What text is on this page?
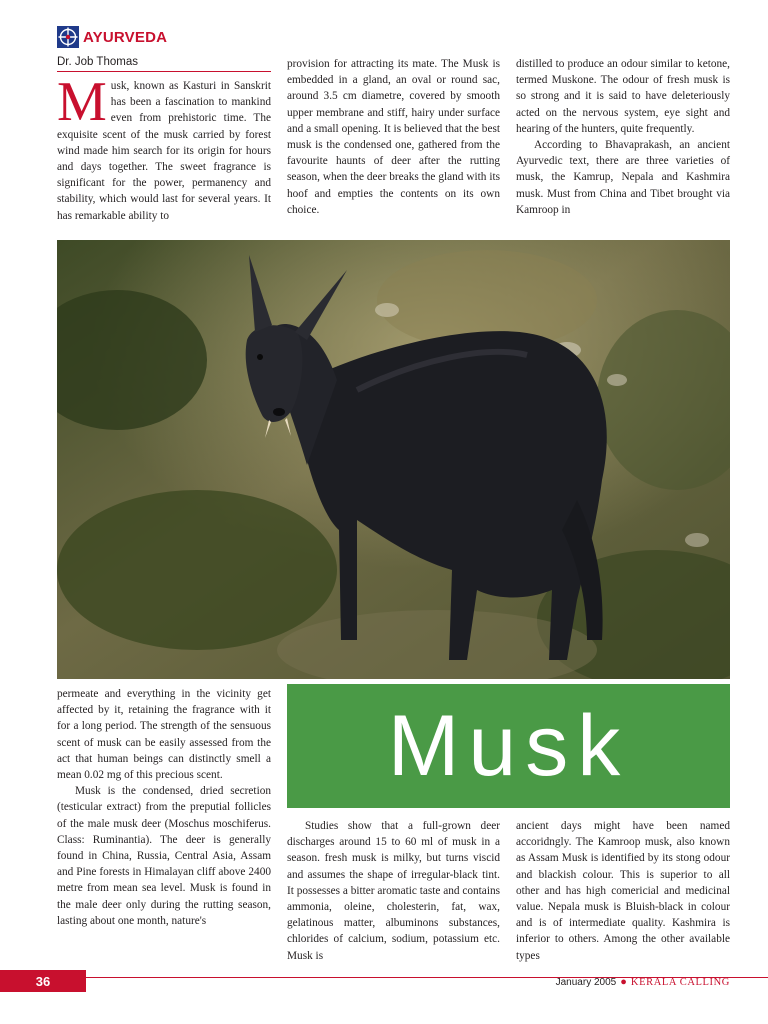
AYURVEDA
Dr. Job Thomas
M usk, known as Kasturi in Sanskrit has been a fascination to mankind even from prehistoric time. The exquisite scent of the musk carried by forest wind made him search for its origin for hours and days together. The sweet fragrance is significant for the power, permanency and stability, which would last for several years. It has remarkable ability to

provision for attracting its mate. The Musk is embedded in a gland, an oval or round sac, around 3.5 cm diametre, covered by smooth upper membrane and stiff, hairy under surface and a small opening. It is believed that the best musk is the condensed one, gathered from the favourite haunts of deer after the rutting season, when the deer breaks the gland with its hoof and empties the contents on its own choice.

distilled to produce an odour similar to ketone, termed Muskone. The odour of fresh musk is so strong and it is said to have deleteriously acted on the nervous system, eye sight and hearing of the hunters, quite frequently.

According to Bhavaprakash, an ancient Ayurvedic text, there are three varieties of musk, the Kamrup, Nepala and Kashmira musk. Must from China and Tibet brought via Kamroop in

Musk

permeate and everything in the vicinity get affected by it, retaining the fragrance with it for a long period. The strength of the sensuous scent of musk can be easily assessed from the act that human beings can distinctly smell a mean 0.02 mg of this precious scent.

Musk is the condensed, dried secretion (testicular extract) from the preputial follicles of the male musk deer (Moschus moschiferus. Class: Ruminantia). The deer is generally found in China, Russia, Central Asia, Assam and Pine forests in Himalayan cliff above 2400 metre from mean sea level. Musk is found in the male deer only during the rutting season, lasting about one month, nature's

Studies show that a full-grown deer discharges around 15 to 60 ml of musk in a season. fresh musk is milky, but turns viscid and assumes the shape of irregular-black tint. It possesses a bitter aromatic taste and contains ammonia, oleine, cholesterin, fat, wax, gelatinous matter, albuminons substances, chlorides of calcium, sodium, potassium etc. Musk is

ancient days might have been named accoridngly. The Kamroop musk, also known as Assam Musk is identified by its stong odour and blackish colour. This is superior to all other and has high comericial and medicinal value. Nepala musk is Bluish-black in colour and is of intermediate quality. Kashmira is inferior to others. Among the other available types

36	January 2005 ● KERALA CALLING
